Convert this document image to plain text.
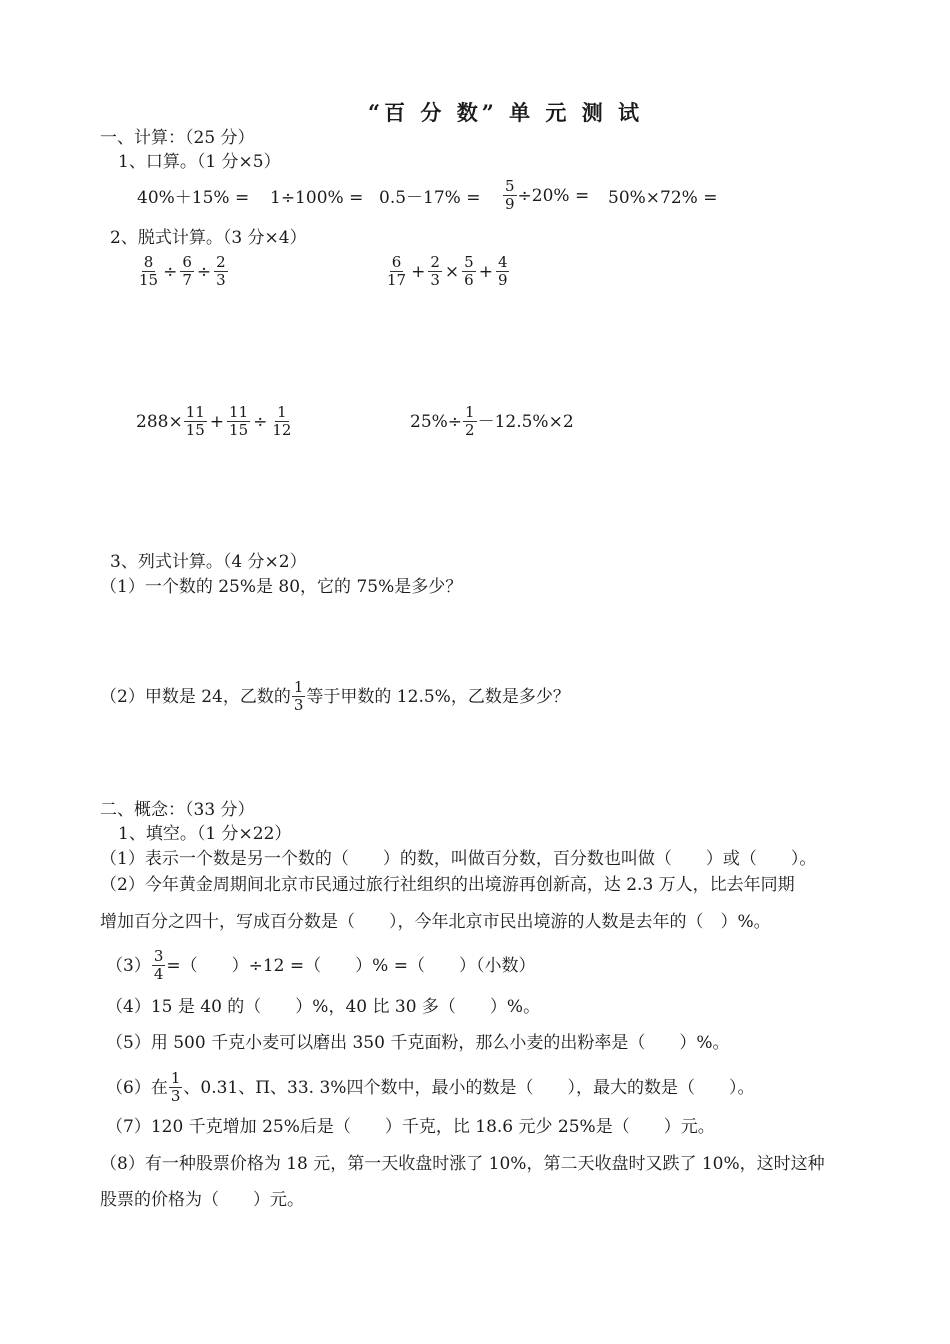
“百 分 数” 单 元 测 试
一、计算：（25 分）
1、口算。（1 分×5）
$40\%+15\% = 1\div 100\% = 0.5-17\% = \frac{5}{9} \div 20\% = 50\%\times 72\%$ =
2、脱式计算。（3 分×4）
$\frac{8}{15} \div \frac{6}{7} \div \frac{2}{3}$	$\frac{6}{17} + \frac{2}{3} \times \frac{5}{6} + \frac{4}{9}$
$288\times \frac{11}{15} + \frac{11}{15} \div \frac{1}{12}$	$25\%\div \frac{1}{2} -12.5\%\times 2$
3、列式计算。（4 分×2）
（1）一个数的 25%是 80，它的 75%是多少？
（2）甲数是 24，乙数的 $\frac{1}{3}$ 等于甲数的 12.5%，乙数是多少？
二、概念：（33 分）
1、填空。（1 分×22）
（1）表示一个数是另一个数的（　　）的数，叫做百分数，百分数也叫做（　　）或（　　）。
（2）今年黄金周期间北京市民通过旅行社组织的出境游再创新高，达 2.3 万人，比去年同期
增加百分之四十，写成百分数是（　　），今年北京市民出境游的人数是去年的（　）%。
$(3) \frac{3}{4}$ =（　　）÷12 =（　　）% =（　　）（小数）
（4）15 是 40 的（　　）%，40 比 30 多（　　）%。
（5）用 500 千克小麦可以磨出 350 千克面粉，那么小麦的出粉率是（　　）%。
（6）在 $\frac{1}{3}$ 、0.31、Π、33. 3%四个数中，最小的数是（　　），最大的数是（　　）。
（7）120 千克增加 25%后是（　　）千克，比 18.6 元少 25%是（　　）元。
（8）有一种股票价格为 18 元，第一天收盘时涨了 10%，第二天收盘时又跌了 10%，这时这种
股票的价格为（　　）元。
